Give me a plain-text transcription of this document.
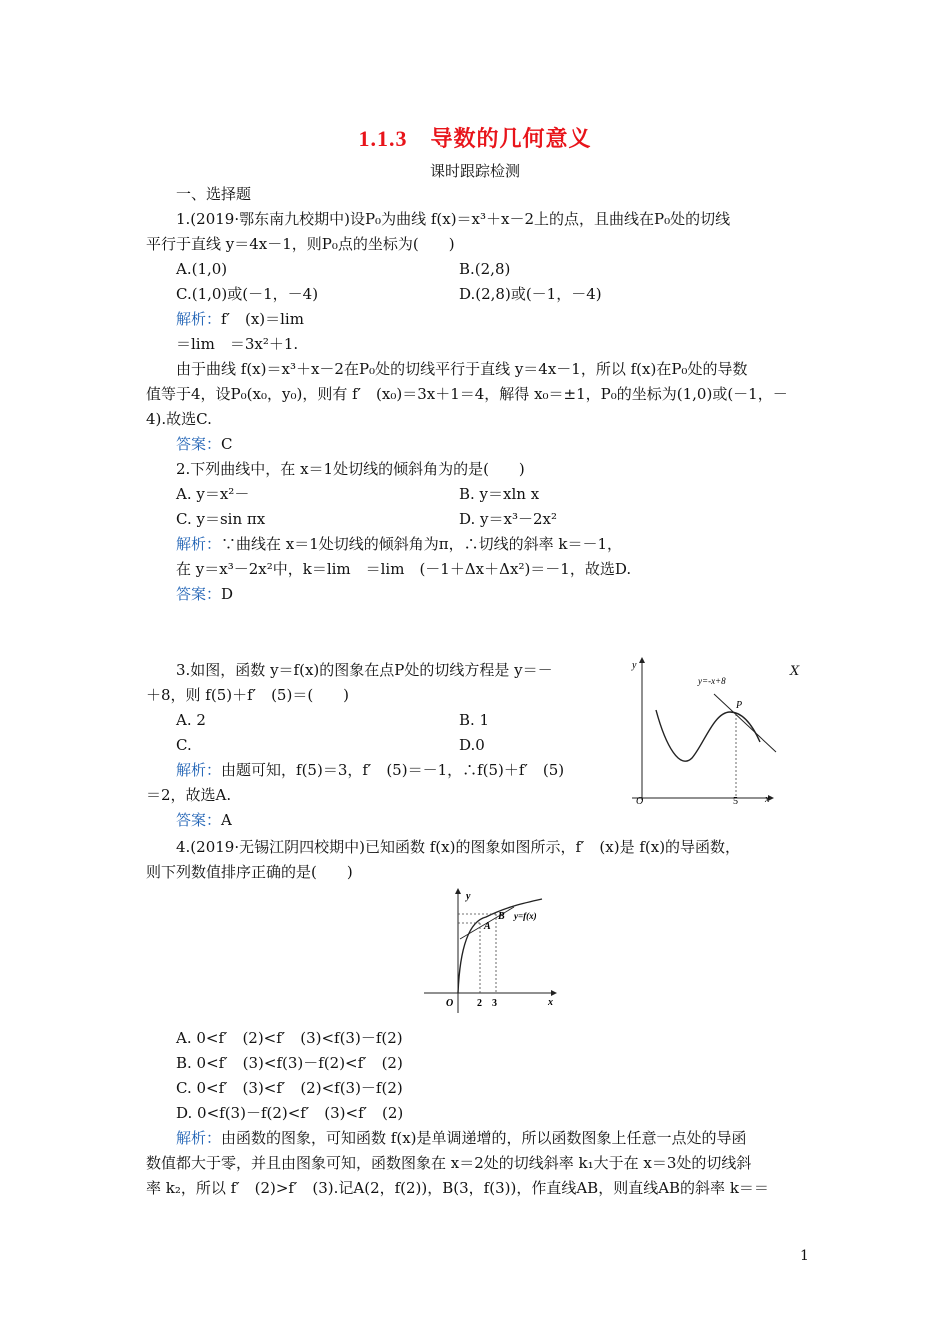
1.1.3　导数的几何意义
课时跟踪检测
一、选择题
1.(2019·鄂东南九校期中)设P₀为曲线 f(x)＝x³＋x－2上的点，且曲线在P₀处的切线
平行于直线 y＝4x－1，则P₀点的坐标为(　　)
A.(1,0)	B.(2,8)
C.(1,0)或(－1，－4)	D.(2,8)或(－1，－4)
解析：f′　(x)＝lim
＝lim　＝3x²＋1.
由于曲线 f(x)＝x³＋x－2在P₀处的切线平行于直线 y＝4x－1，所以 f(x)在P₀处的导数
值等于4，设P₀(x₀，y₀)，则有 f′　(x₀)＝3x＋1＝4，解得 x₀＝±1，P₀的坐标为(1,0)或(－1，－
4).故选C.
答案：C
2.下列曲线中，在 x＝1处切线的倾斜角为的是(　　)
A. y＝x²－	B. y＝xln x
C. y＝sin πx	D. y＝x³－2x²
解析：∵曲线在 x＝1处切线的倾斜角为π，∴切线的斜率 k＝－1，
在 y＝x³－2x²中，k＝lim　＝lim　(－1＋Δx＋Δx²)＝－1，故选D.
答案：D
3.如图，函数 y＝f(x)的图象在点P处的切线方程是 y＝－
＋8，则 f(5)＋f′　(5)＝(　　)
A. 2	B. 1
C.	D.0
解析：由题可知，f(5)＝3，f′　(5)＝－1，∴f(5)＋f′　(5)
＝2，故选A.
答案：A
X
y
x
O	5
P
y=-x+8
4.(2019·无锡江阴四校期中)已知函数 f(x)的图象如图所示，f′　(x)是 f(x)的导函数，
则下列数值排序正确的是(　　)
y
x
O 2 3
A
B y=f(x)
A. 0<f′　(2)<f′　(3)<f(3)－f(2)
B. 0<f′　(3)<f(3)－f(2)<f′　(2)
C. 0<f′　(3)<f′　(2)<f(3)－f(2)
D. 0<f(3)－f(2)<f′　(3)<f′　(2)
解析：由函数的图象，可知函数 f(x)是单调递增的，所以函数图象上任意一点处的导函
数值都大于零，并且由图象可知，函数图象在 x＝2处的切线斜率 k₁大于在 x＝3处的切线斜
率 k₂，所以 f′　(2)>f′　(3).记A(2，f(2))，B(3，f(3))，作直线AB，则直线AB的斜率 k＝＝
1
